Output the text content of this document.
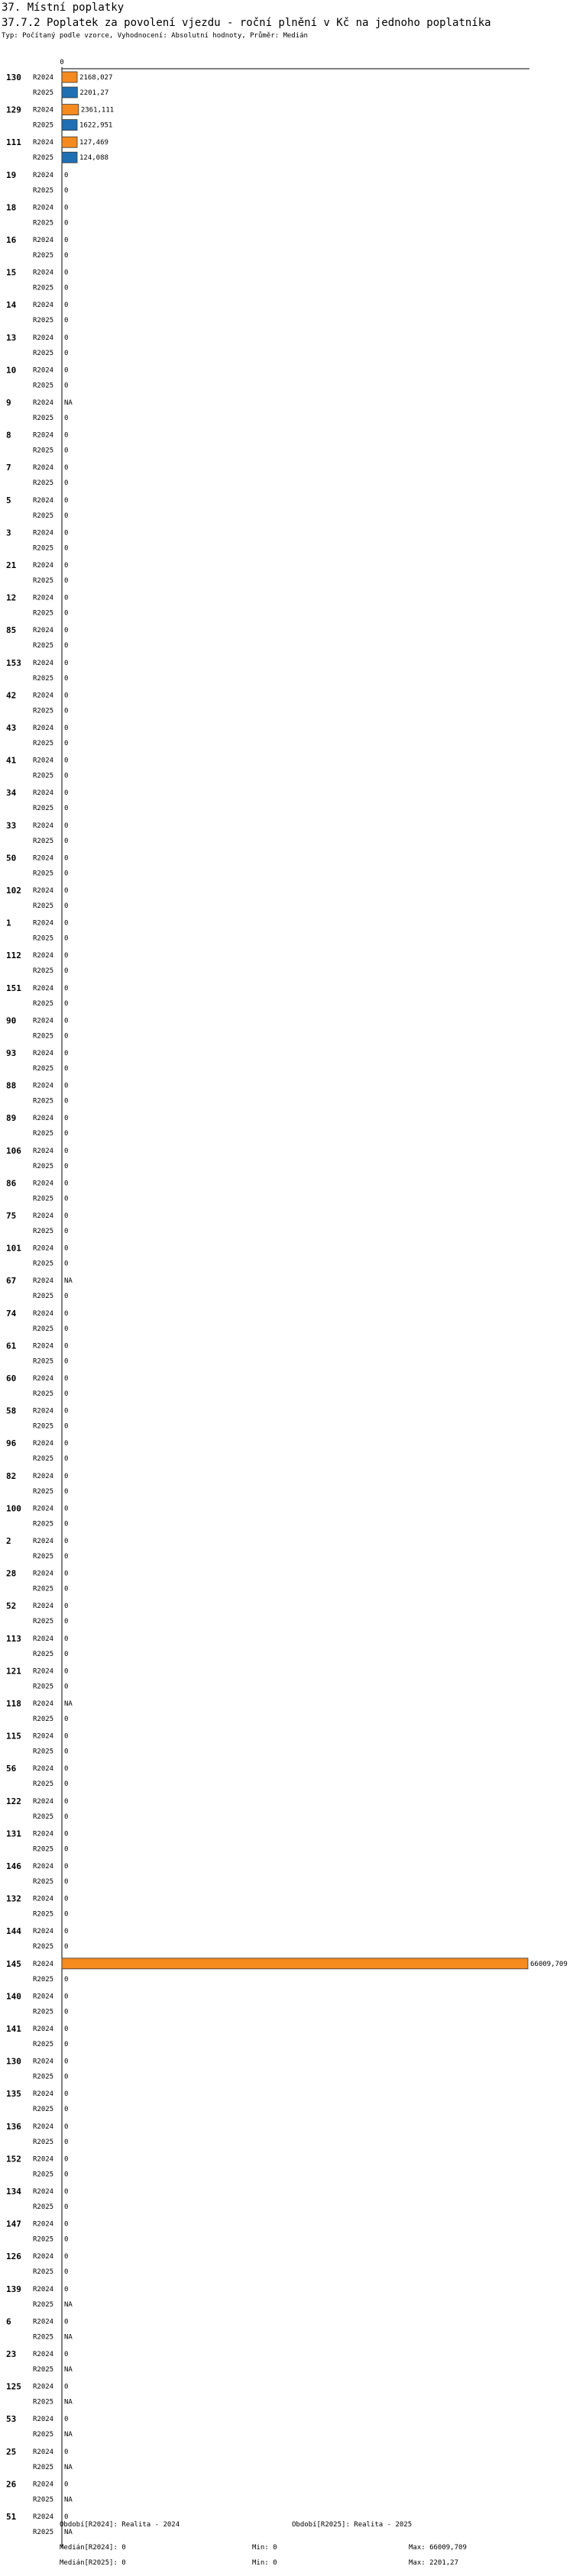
37. Místní poplatky
37.7.2 Poplatek za povolení vjezdu - roční plnění v Kč na jednoho poplatníka
Typ: Počítaný podle vzorce, Vyhodnocení: Absolutní hodnoty, Průměr: Medián
0
130 R2024	2168,027
R2025	2201,27
129 R2024	2361,111
R2025	1622,951
111 R2024	127,469
R2025	124,088
19 R2024 0
R2025 0
18 R2024 0
R2025 0
16 R2024 0
R2025 0
15 R2024 0
R2025 0
14 R2024 0
R2025 0
13 R2024 0
R2025 0
10 R2024 0
R2025 0
9	R2024 NA
R2025 0
8	R2024 0
R2025 0
7	R2024 0
R2025 0
5	R2024 0
R2025 0
3	R2024 0
R2025 0
21 R2024 0
R2025 0
12 R2024 0
R2025 0
85 R2024 0
R2025 0
153 R2024 0
R2025 0
42 R2024 0
R2025 0
43 R2024 0
R2025 0
41 R2024 0
R2025 0
34 R2024 0
R2025 0
33 R2024 0
R2025 0
50 R2024 0
R2025 0
102 R2024 0
R2025 0
1	R2024 0
R2025 0
112 R2024 0
R2025 0
151 R2024 0
R2025 0
90 R2024 0
R2025 0
93 R2024 0
R2025 0
88 R2024 0
R2025 0
89 R2024 0
R2025 0
106 R2024 0
R2025 0
86 R2024 0
R2025 0
75 R2024 0
R2025 0
101 R2024 0
R2025 0
67 R2024 NA
R2025 0
74 R2024 0
R2025 0
61 R2024 0
R2025 0
60 R2024 0
R2025 0
58 R2024 0
R2025 0
96 R2024 0
R2025 0
82 R2024 0
R2025 0
100 R2024 0
R2025 0
2	R2024 0
R2025 0
28 R2024 0
R2025 0
52 R2024 0
R2025 0
113 R2024 0
R2025 0
121 R2024 0
R2025 0
118 R2024 NA
R2025 0
115 R2024 0
R2025 0
56 R2024 0
R2025 0
122 R2024 0
R2025 0
131 R2024 0
R2025 0
146 R2024 0
R2025 0
132 R2024 0
R2025 0
144 R2024 0
R2025 0
145 R2024	66009,709
R2025 0
140 R2024 0
R2025 0
141 R2024 0
R2025 0
130 R2024 0
R2025 0
135 R2024 0
R2025 0
136 R2024 0
R2025 0
152 R2024 0
R2025 0
134 R2024 0
R2025 0
147 R2024 0
R2025 0
126 R2024 0
R2025 0
139 R2024 0
R2025 NA
6	R2024 0
R2025 NA
23 R2024 0
R2025 NA
125 R2024 0
R2025 NA
53 R2024 0
R2025 NA
25 R2024 0
R2025 NA
26 R2024 0
R2025 NA
51 R2024 0
R2025 NA
Období[R2024]: Realita - 2024	Období[R2025]: Realita - 2025
Medián[R2024]: 0	Min: 0	Max: 66009,709
Medián[R2025]: 0	Min: 0	Max: 2201,27
